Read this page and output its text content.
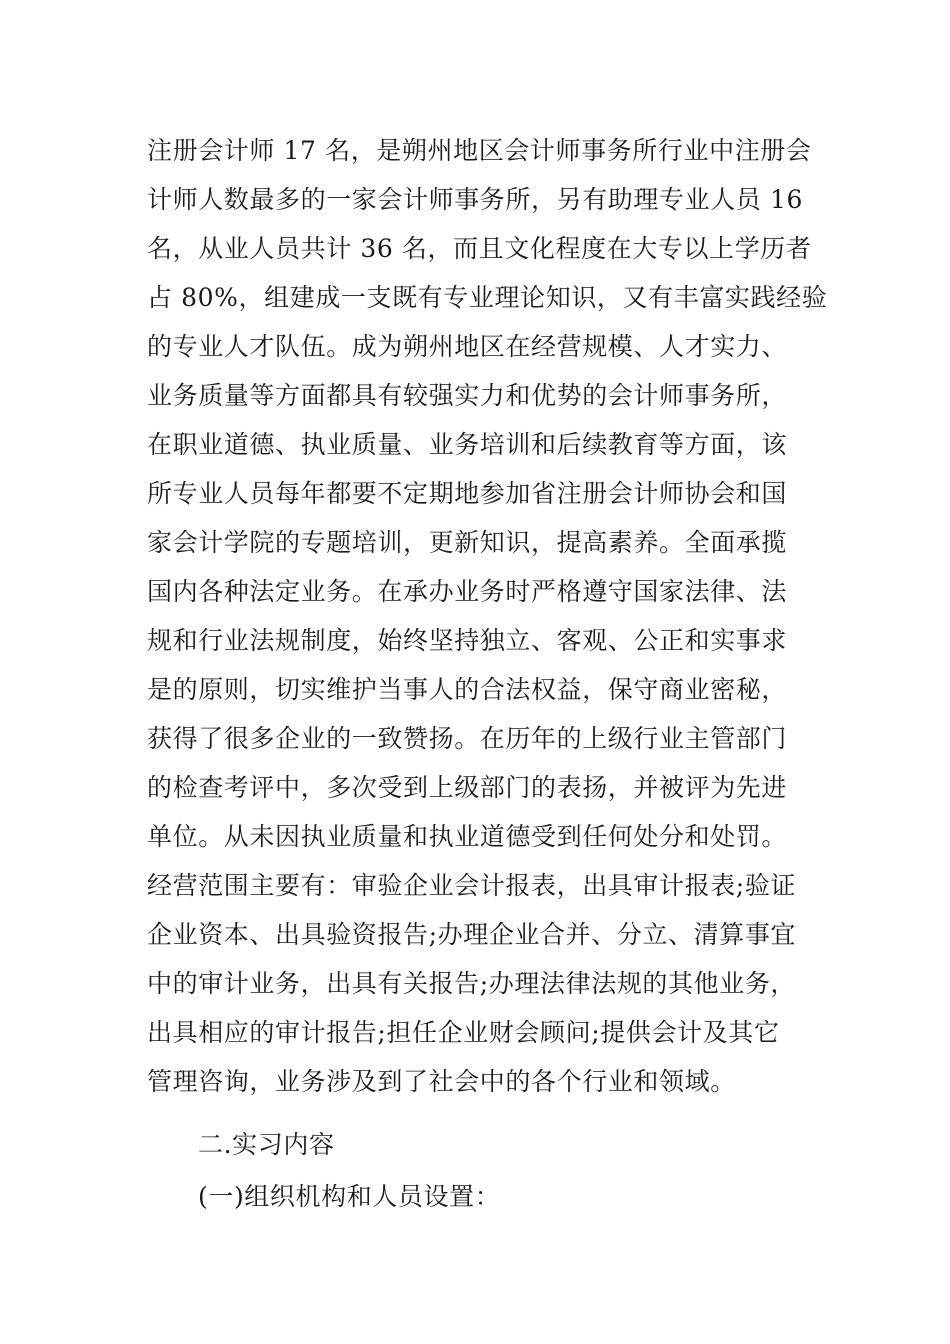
注册会计师 17 名，是朔州地区会计师事务所行业中注册会
计师人数最多的一家会计师事务所，另有助理专业人员 16
名，从业人员共计 36 名，而且文化程度在大专以上学历者
占 80%，组建成一支既有专业理论知识，又有丰富实践经验
的专业人才队伍。成为朔州地区在经营规模、人才实力、
业务质量等方面都具有较强实力和优势的会计师事务所，
在职业道德、执业质量、业务培训和后续教育等方面，该
所专业人员每年都要不定期地参加省注册会计师协会和国
家会计学院的专题培训，更新知识，提高素养。全面承揽
国内各种法定业务。在承办业务时严格遵守国家法律、法
规和行业法规制度，始终坚持独立、客观、公正和实事求
是的原则，切实维护当事人的合法权益，保守商业密秘，
获得了很多企业的一致赞扬。在历年的上级行业主管部门
的检查考评中，多次受到上级部门的表扬，并被评为先进
单位。从未因执业质量和执业道德受到任何处分和处罚。
经营范围主要有：审验企业会计报表，出具审计报表;验证
企业资本、出具验资报告;办理企业合并、分立、清算事宜
中的审计业务，出具有关报告;办理法律法规的其他业务，
出具相应的审计报告;担任企业财会顾问;提供会计及其它
管理咨询，业务涉及到了社会中的各个行业和领域。
二.实习内容
(一)组织机构和人员设置：
